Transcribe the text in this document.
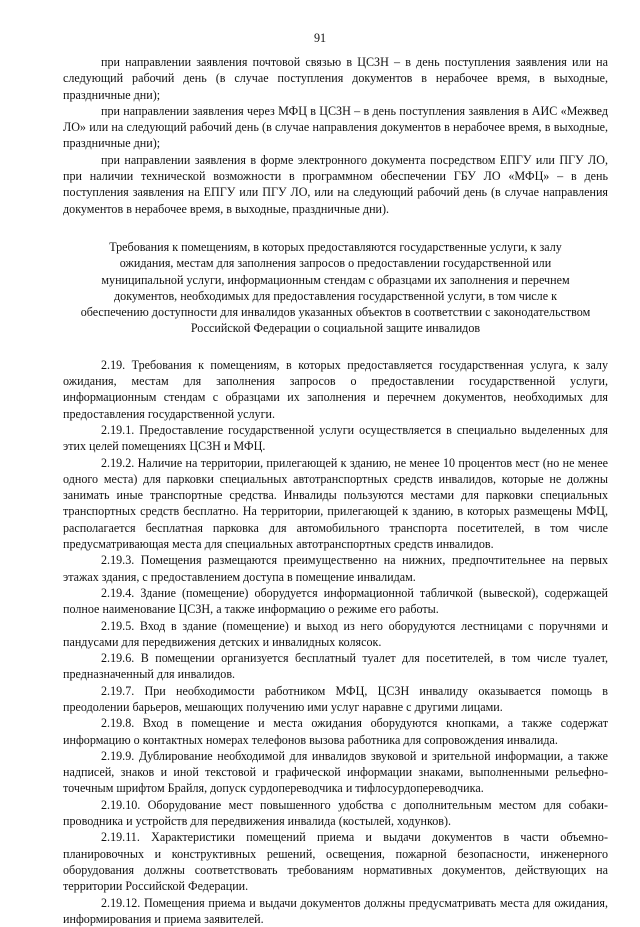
91

при направлении заявления почтовой связью в ЦСЗН – в день поступления заявления или на следующий рабочий день (в случае поступления документов в нерабочее время, в выходные, праздничные дни);

при направлении заявления через МФЦ в ЦСЗН – в день поступления заявления в АИС «Межвед ЛО» или на следующий рабочий день (в случае направления документов в нерабочее время, в выходные, праздничные дни);

при направлении заявления в форме электронного документа посредством ЕПГУ или ПГУ ЛО, при наличии технической возможности в программном обеспечении ГБУ ЛО «МФЦ» – в день поступления заявления на ЕПГУ или ПГУ ЛО, или на следующий рабочий день (в случае направления документов в нерабочее время, в выходные, праздничные дни).

Требования к помещениям, в которых предоставляются государственные услуги, к залу
ожидания, местам для заполнения запросов о предоставлении государственной или
муниципальной услуги, информационным стендам с образцами их заполнения и перечнем
документов, необходимых для предоставления государственной услуги, в том числе к
обеспечению доступности для инвалидов указанных объектов в соответствии с законодательством
Российской Федерации о социальной защите инвалидов

2.19. Требования к помещениям, в которых предоставляется государственная услуга, к залу ожидания, местам для заполнения запросов о предоставлении государственной услуги, информационным стендам с образцами их заполнения и перечнем документов, необходимых для предоставления государственной услуги.

2.19.1. Предоставление государственной услуги осуществляется в специально выделенных для этих целей помещениях ЦСЗН и МФЦ.

2.19.2. Наличие на территории, прилегающей к зданию, не менее 10 процентов мест (но не менее одного места) для парковки специальных автотранспортных средств инвалидов, которые не должны занимать иные транспортные средства. Инвалиды пользуются местами для парковки специальных транспортных средств бесплатно. На территории, прилегающей к зданию, в которых размещены МФЦ, располагается бесплатная парковка для автомобильного транспорта посетителей, в том числе предусматривающая места для специальных автотранспортных средств инвалидов.

2.19.3. Помещения размещаются преимущественно на нижних, предпочтительнее на первых этажах здания, с предоставлением доступа в помещение инвалидам.

2.19.4. Здание (помещение) оборудуется информационной табличкой (вывеской), содержащей полное наименование ЦСЗН, а также информацию о режиме его работы.

2.19.5. Вход в здание (помещение) и выход из него оборудуются лестницами с поручнями и пандусами для передвижения детских и инвалидных колясок.

2.19.6. В помещении организуется бесплатный туалет для посетителей, в том числе туалет, предназначенный для инвалидов.

2.19.7. При необходимости работником МФЦ, ЦСЗН инвалиду оказывается помощь в преодолении барьеров, мешающих получению ими услуг наравне с другими лицами.

2.19.8. Вход в помещение и места ожидания оборудуются кнопками, а также содержат информацию о контактных номерах телефонов вызова работника для сопровождения инвалида.

2.19.9. Дублирование необходимой для инвалидов звуковой и зрительной информации, а также надписей, знаков и иной текстовой и графической информации знаками, выполненными рельефно-точечным шрифтом Брайля, допуск сурдопереводчика и тифлосурдопереводчика.

2.19.10. Оборудование мест повышенного удобства с дополнительным местом для собаки-проводника и устройств для передвижения инвалида (костылей, ходунков).

2.19.11. Характеристики помещений приема и выдачи документов в части объемно-планировочных и конструктивных решений, освещения, пожарной безопасности, инженерного оборудования должны соответствовать требованиям нормативных документов, действующих на территории Российской Федерации.

2.19.12. Помещения приема и выдачи документов должны предусматривать места для ожидания, информирования и приема заявителей.
